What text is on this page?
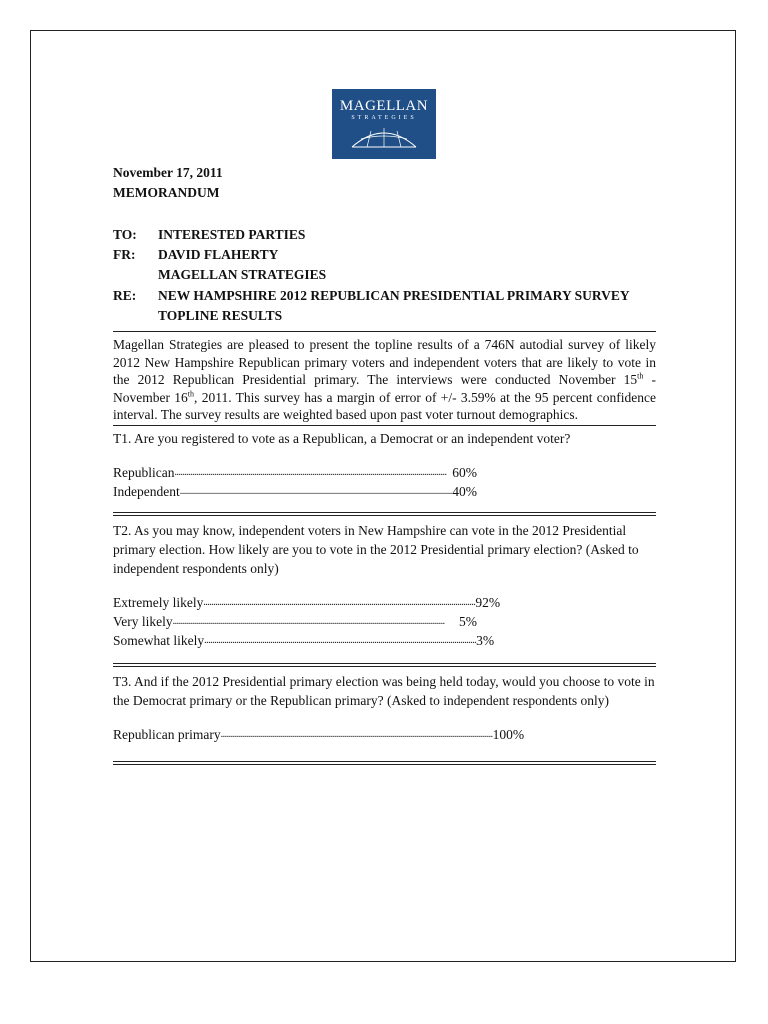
MAGELLAN
STRATEGIES
November 17, 2011
MEMORANDUM
TO:	INTERESTED PARTIES
FR:	DAVID FLAHERTY
MAGELLAN STRATEGIES
RE:	NEW HAMPSHIRE 2012 REPUBLICAN PRESIDENTIAL PRIMARY SURVEY
TOPLINE RESULTS
Magellan Strategies are pleased to present the topline results of a 746N autodial survey of likely 2012 New Hampshire Republican primary voters and independent voters that are likely to vote in the 2012 Republican Presidential primary. The interviews were conducted November 15th - November 16th, 2011. This survey has a margin of error of +/- 3.59% at the 95 percent confidence interval. The survey results are weighted based upon past voter turnout demographics.
T1. Are you registered to vote as a Republican, a Democrat or an independent voter?
Republican ........................................................................................................................................ 60%
Independent ........................................................................................................................................ 40%
T2. As you may know, independent voters in New Hampshire can vote in the 2012 Presidential primary election. How likely are you to vote in the 2012 Presidential primary election? (Asked to independent respondents only)
Extremely likely ........................................................................................................................................ 92%
Very likely ........................................................................................................................................	5%
Somewhat likely ........................................................................................................................................ 3%
T3. And if the 2012 Presidential primary election was being held today, would you choose to vote in the Democrat primary or the Republican primary? (Asked to independent respondents only)
Republican primary ........................................................................................................................................ 100%
